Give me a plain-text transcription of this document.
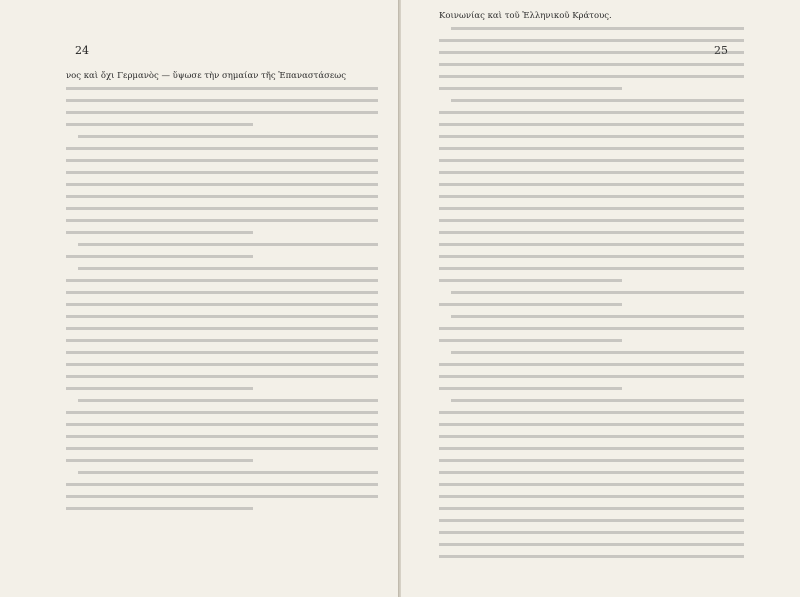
24
νος καὶ ὄχι Γερμανὸς — ὕψωσε τὴν σημαίαν τῆς Ἐπαναστάσεως
25
Κοινωνίας καὶ τοῦ Ἑλληνικοῦ Κράτους.
